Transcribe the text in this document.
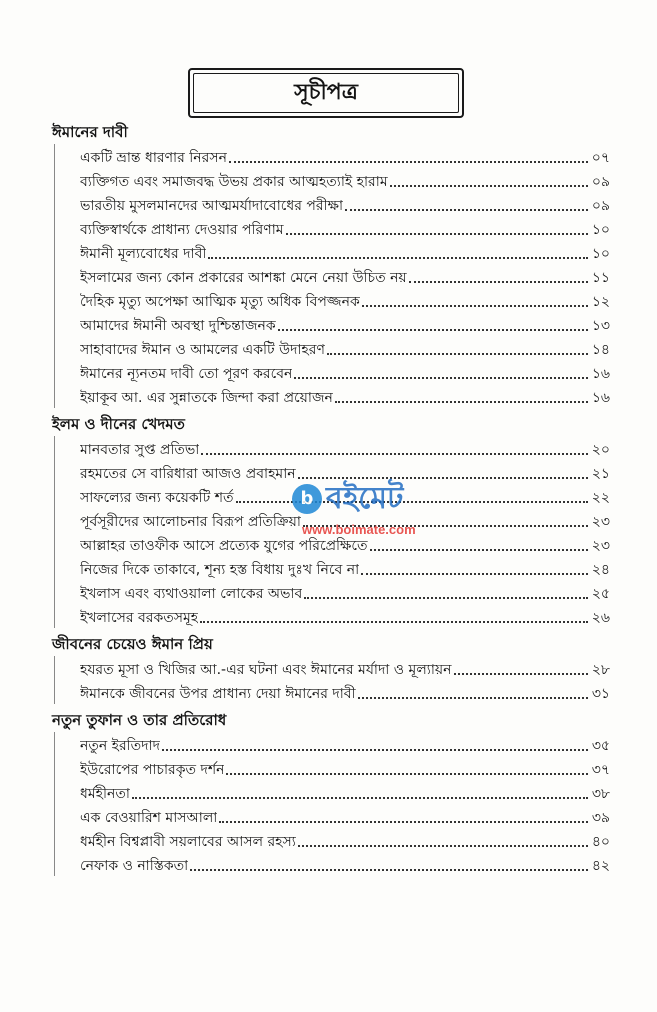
সূচীপত্র
ঈমানের দাবী
একটি ভ্রান্ত ধারণার নিরসন	০৭
ব্যক্তিগত এবং সমাজবদ্ধ উভয় প্রকার আত্মহত্যাই হারাম	০৯
ভারতীয় মুসলমানদের আত্মমর্যাদাবোধের পরীক্ষা	০৯
ব্যক্তিস্বার্থকে প্রাধান্য দেওয়ার পরিণাম	১০
ঈমানী মূল্যবোধের দাবী	১০
ইসলামের জন্য কোন প্রকারের আশঙ্কা মেনে নেয়া উচিত নয়	১১
দৈহিক মৃত্যু অপেক্ষা আত্মিক মৃত্যু অধিক বিপজ্জনক	১২
আমাদের ঈমানী অবস্থা দুশ্চিন্তাজনক	১৩
সাহাবাদের ঈমান ও আমলের একটি উদাহরণ	১৪
ঈমানের ন্যূনতম দাবী তো পূরণ করবেন	১৬
ইয়াকূব আ. এর সুন্নাতকে জিন্দা করা প্রয়োজন	১৬
ইলম ও দীনের খেদমত
মানবতার সুপ্ত প্রতিভা	২০
রহমতের সে বারিধারা আজও প্রবাহমান	২১
সাফল্যের জন্য কয়েকটি শর্ত	২২
পূর্বসূরীদের আলোচনার বিরূপ প্রতিক্রিয়া	২৩
আল্লাহর তাওফীক আসে প্রত্যেক যুগের পরিপ্রেক্ষিতে	২৩
নিজের দিকে তাকাবে, শূন্য হস্ত বিধায় দুঃখ নিবে না	২৪
ইখলাস এবং ব্যথাওয়ালা লোকের অভাব	২৫
ইখলাসের বরকতসমূহ	২৬
জীবনের চেয়েও ঈমান প্রিয়
হযরত মূসা ও খিজির আ.-এর ঘটনা এবং ঈমানের মর্যাদা ও মূল্যায়ন	২৮
ঈমানকে জীবনের উপর প্রাধান্য দেয়া ঈমানের দাবী	৩১
নতুন তুফান ও তার প্রতিরোধ
নতুন ইরতিদাদ	৩৫
ইউরোপের পাচারকৃত দর্শন	৩৭
ধর্মহীনতা	৩৮
এক বেওয়ারিশ মাসআলা	৩৯
ধর্মহীন বিশ্বপ্লাবী সয়লাবের আসল রহস্য	৪০
নেফাক ও নাস্তিকতা	৪২
b বইমেট
www.boimate.com
